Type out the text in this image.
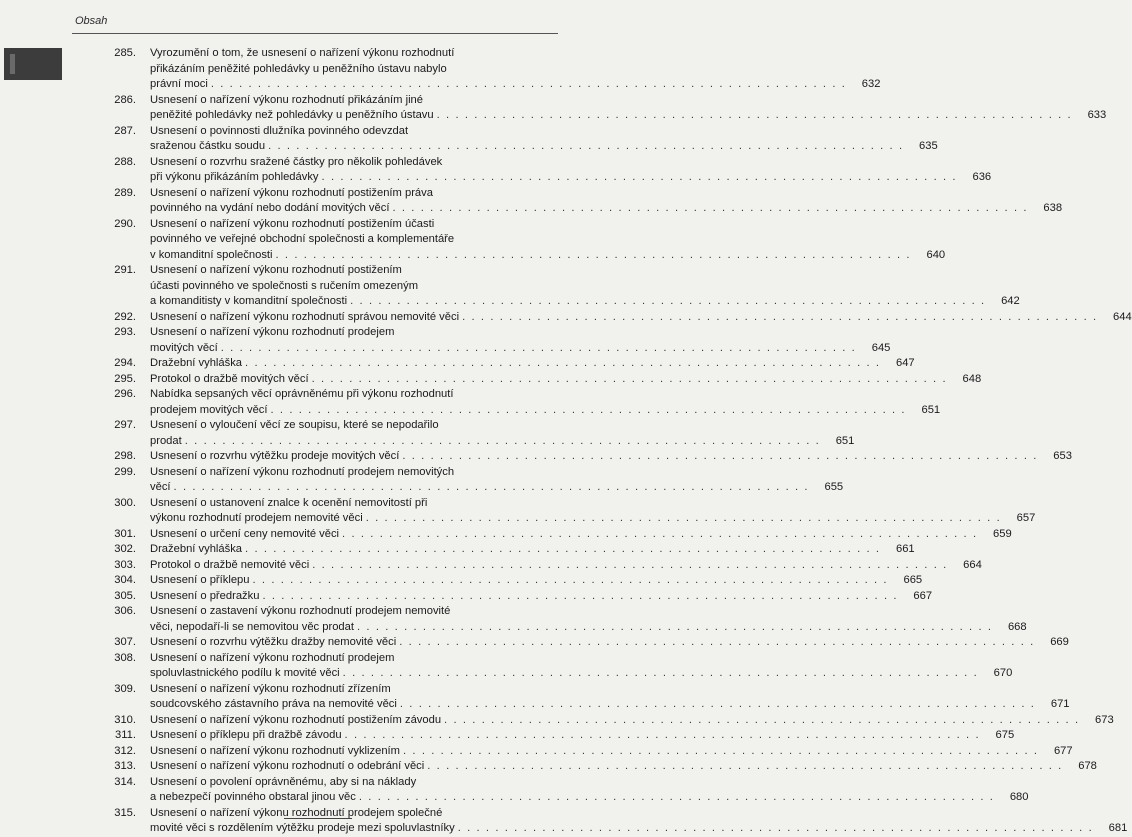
Obsah
285. Vyrozumění o tom, že usnesení o nařízení výkonu rozhodnutí
přikázáním peněžité pohledávky u peněžního ústavu nabylo
právní moci . . . . . . . . . . . . . . . . . . . . . . . . . . . . . . . . . . . . . . . . . . . . . . . . . . . . . . . . . . . . . . . . . . . .	632
286. Usnesení o nařízení výkonu rozhodnutí přikázáním jiné
peněžité pohledávky než pohledávky u peněžního ústavu . . . . . . . . . . . . . . . . . . . . . . . . . . . . . . . . . . . . . . . . . . . . . . . . . . . . . . . . . . . . . . . . . . . .	633
287. Usnesení o povinnosti dlužníka povinného odevzdat
sraženou částku soudu . . . . . . . . . . . . . . . . . . . . . . . . . . . . . . . . . . . . . . . . . . . . . . . . . . . . . . . . . . . . . . . . . . . .	635
288. Usnesení o rozvrhu sražené částky pro několik pohledávek
při výkonu přikázáním pohledávky . . . . . . . . . . . . . . . . . . . . . . . . . . . . . . . . . . . . . . . . . . . . . . . . . . . . . . . . . . . . . . . . . . . .	636
289. Usnesení o nařízení výkonu rozhodnutí postižením práva
povinného na vydání nebo dodání movitých věcí . . . . . . . . . . . . . . . . . . . . . . . . . . . . . . . . . . . . . . . . . . . . . . . . . . . . . . . . . . . . . . . . . . . .	638
290. Usnesení o nařízení výkonu rozhodnutí postižením účasti
povinného ve veřejné obchodní společnosti a komplementáře
v komanditní společnosti . . . . . . . . . . . . . . . . . . . . . . . . . . . . . . . . . . . . . . . . . . . . . . . . . . . . . . . . . . . . . . . . . . . .	640
291. Usnesení o nařízení výkonu rozhodnutí postižením
účasti povinného ve společnosti s ručením omezeným
a komanditisty v komanditní společnosti . . . . . . . . . . . . . . . . . . . . . . . . . . . . . . . . . . . . . . . . . . . . . . . . . . . . . . . . . . . . . . . . . . . .	642
292. Usnesení o nařízení výkonu rozhodnutí správou nemovité věci . . . . . . . . . . . . . . . . . . . . . . . . . . . . . . . . . . . . . . . . . . . . . . . . . . . . . . . . . . . . . . . . . . . .	644
293. Usnesení o nařízení výkonu rozhodnutí prodejem
movitých věcí . . . . . . . . . . . . . . . . . . . . . . . . . . . . . . . . . . . . . . . . . . . . . . . . . . . . . . . . . . . . . . . . . . . .	645
294. Dražební vyhláška . . . . . . . . . . . . . . . . . . . . . . . . . . . . . . . . . . . . . . . . . . . . . . . . . . . . . . . . . . . . . . . . . . . .	647
295. Protokol o dražbě movitých věcí . . . . . . . . . . . . . . . . . . . . . . . . . . . . . . . . . . . . . . . . . . . . . . . . . . . . . . . . . . . . . . . . . . . .	648
296. Nabídka sepsaných věcí oprávněnému při výkonu rozhodnutí
prodejem movitých věcí . . . . . . . . . . . . . . . . . . . . . . . . . . . . . . . . . . . . . . . . . . . . . . . . . . . . . . . . . . . . . . . . . . . .	651
297. Usnesení o vyloučení věcí ze soupisu, které se nepodařilo
prodat . . . . . . . . . . . . . . . . . . . . . . . . . . . . . . . . . . . . . . . . . . . . . . . . . . . . . . . . . . . . . . . . . . . .	651
298. Usnesení o rozvrhu výtěžku prodeje movitých věcí . . . . . . . . . . . . . . . . . . . . . . . . . . . . . . . . . . . . . . . . . . . . . . . . . . . . . . . . . . . . . . . . . . . .	653
299. Usnesení o nařízení výkonu rozhodnutí prodejem nemovitých
věcí . . . . . . . . . . . . . . . . . . . . . . . . . . . . . . . . . . . . . . . . . . . . . . . . . . . . . . . . . . . . . . . . . . . .	655
300. Usnesení o ustanovení znalce k ocenění nemovitostí při
výkonu rozhodnutí prodejem nemovité věci . . . . . . . . . . . . . . . . . . . . . . . . . . . . . . . . . . . . . . . . . . . . . . . . . . . . . . . . . . . . . . . . . . . .	657
301. Usnesení o určení ceny nemovité věci . . . . . . . . . . . . . . . . . . . . . . . . . . . . . . . . . . . . . . . . . . . . . . . . . . . . . . . . . . . . . . . . . . . .	659
302. Dražební vyhláška . . . . . . . . . . . . . . . . . . . . . . . . . . . . . . . . . . . . . . . . . . . . . . . . . . . . . . . . . . . . . . . . . . . .	661
303. Protokol o dražbě nemovité věci . . . . . . . . . . . . . . . . . . . . . . . . . . . . . . . . . . . . . . . . . . . . . . . . . . . . . . . . . . . . . . . . . . . .	664
304. Usnesení o příklepu . . . . . . . . . . . . . . . . . . . . . . . . . . . . . . . . . . . . . . . . . . . . . . . . . . . . . . . . . . . . . . . . . . . .	665
305. Usnesení o předražku . . . . . . . . . . . . . . . . . . . . . . . . . . . . . . . . . . . . . . . . . . . . . . . . . . . . . . . . . . . . . . . . . . . .	667
306. Usnesení o zastavení výkonu rozhodnutí prodejem nemovité
věci, nepodaří-li se nemovitou věc prodat . . . . . . . . . . . . . . . . . . . . . . . . . . . . . . . . . . . . . . . . . . . . . . . . . . . . . . . . . . . . . . . . . . . .	668
307. Usnesení o rozvrhu výtěžku dražby nemovité věci . . . . . . . . . . . . . . . . . . . . . . . . . . . . . . . . . . . . . . . . . . . . . . . . . . . . . . . . . . . . . . . . . . . .	669
308. Usnesení o nařízení výkonu rozhodnutí prodejem
spoluvlastnického podílu k movité věci . . . . . . . . . . . . . . . . . . . . . . . . . . . . . . . . . . . . . . . . . . . . . . . . . . . . . . . . . . . . . . . . . . . .	670
309. Usnesení o nařízení výkonu rozhodnutí zřízením
soudcovského zástavního práva na nemovité věci . . . . . . . . . . . . . . . . . . . . . . . . . . . . . . . . . . . . . . . . . . . . . . . . . . . . . . . . . . . . . . . . . . . .	671
310. Usnesení o nařízení výkonu rozhodnutí postižením závodu . . . . . . . . . . . . . . . . . . . . . . . . . . . . . . . . . . . . . . . . . . . . . . . . . . . . . . . . . . . . . . . . . . . .	673
311. Usnesení o příklepu při dražbě závodu . . . . . . . . . . . . . . . . . . . . . . . . . . . . . . . . . . . . . . . . . . . . . . . . . . . . . . . . . . . . . . . . . . . .	675
312. Usnesení o nařízení výkonu rozhodnutí vyklizením . . . . . . . . . . . . . . . . . . . . . . . . . . . . . . . . . . . . . . . . . . . . . . . . . . . . . . . . . . . . . . . . . . . .	677
313. Usnesení o nařízení výkonu rozhodnutí o odebrání věci . . . . . . . . . . . . . . . . . . . . . . . . . . . . . . . . . . . . . . . . . . . . . . . . . . . . . . . . . . . . . . . . . . . .	678
314. Usnesení o povolení oprávněnému, aby si na náklady
a nebezpečí povinného obstaral jinou věc . . . . . . . . . . . . . . . . . . . . . . . . . . . . . . . . . . . . . . . . . . . . . . . . . . . . . . . . . . . . . . . . . . . .	680
315. Usnesení o nařízení výkonu rozhodnutí prodejem společné
movité věci s rozdělením výtěžku prodeje mezi spoluvlastníky . . . . . . . . . . . . . . . . . . . . . . . . . . . . . . . . . . . . . . . . . . . . . . . . . . . . . . . . . . . . . . . . . . . .	681
